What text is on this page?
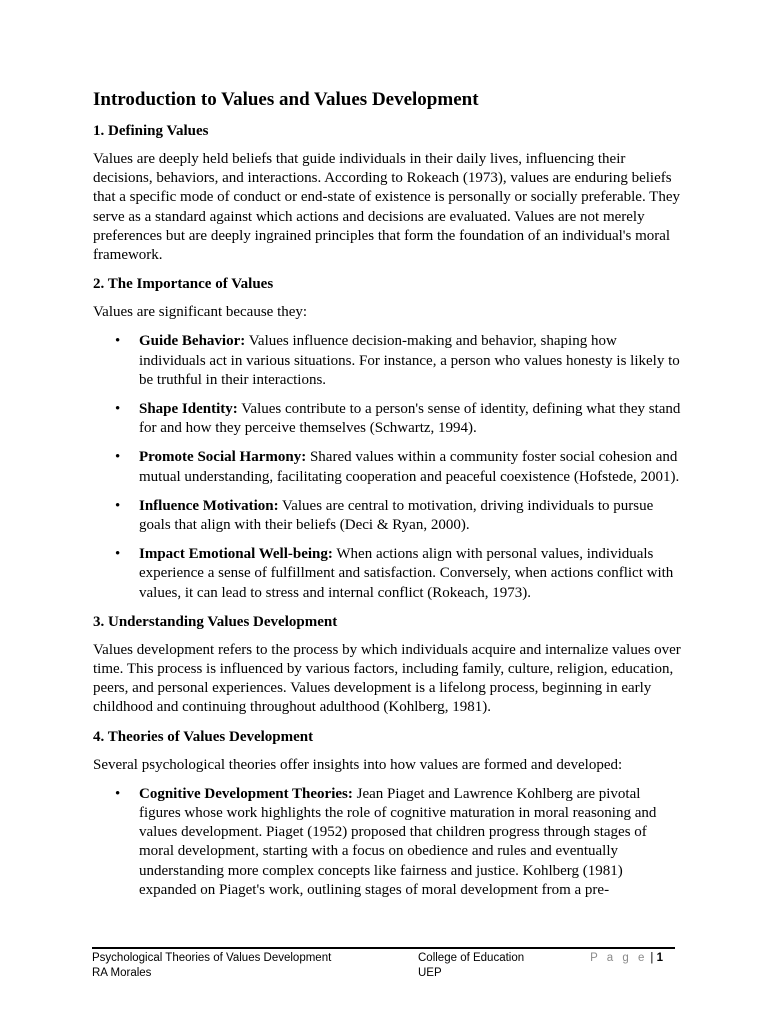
Introduction to Values and Values Development
1. Defining Values

Values are deeply held beliefs that guide individuals in their daily lives, influencing their decisions, behaviors, and interactions. According to Rokeach (1973), values are enduring beliefs that a specific mode of conduct or end-state of existence is personally or socially preferable. They serve as a standard against which actions and decisions are evaluated. Values are not merely preferences but are deeply ingrained principles that form the foundation of an individual's moral framework.

2. The Importance of Values

Values are significant because they:

• Guide Behavior: Values influence decision-making and behavior, shaping how individuals act in various situations. For instance, a person who values honesty is likely to be truthful in their interactions.
• Shape Identity: Values contribute to a person's sense of identity, defining what they stand for and how they perceive themselves (Schwartz, 1994).
• Promote Social Harmony: Shared values within a community foster social cohesion and mutual understanding, facilitating cooperation and peaceful coexistence (Hofstede, 2001).
• Influence Motivation: Values are central to motivation, driving individuals to pursue goals that align with their beliefs (Deci & Ryan, 2000).
• Impact Emotional Well-being: When actions align with personal values, individuals experience a sense of fulfillment and satisfaction. Conversely, when actions conflict with values, it can lead to stress and internal conflict (Rokeach, 1973).
3. Understanding Values Development

Values development refers to the process by which individuals acquire and internalize values over time. This process is influenced by various factors, including family, culture, religion, education, peers, and personal experiences. Values development is a lifelong process, beginning in early childhood and continuing throughout adulthood (Kohlberg, 1981).

4. Theories of Values Development

Several psychological theories offer insights into how values are formed and developed:

• Cognitive Development Theories: Jean Piaget and Lawrence Kohlberg are pivotal figures whose work highlights the role of cognitive maturation in moral reasoning and values development. Piaget (1952) proposed that children progress through stages of moral development, starting with a focus on obedience and rules and eventually understanding more complex concepts like fairness and justice. Kohlberg (1981) expanded on Piaget's work, outlining stages of moral development from a pre-
Psychological Theories of Values Development
RA Morales
College of Education
UEP
P a g e | 1
